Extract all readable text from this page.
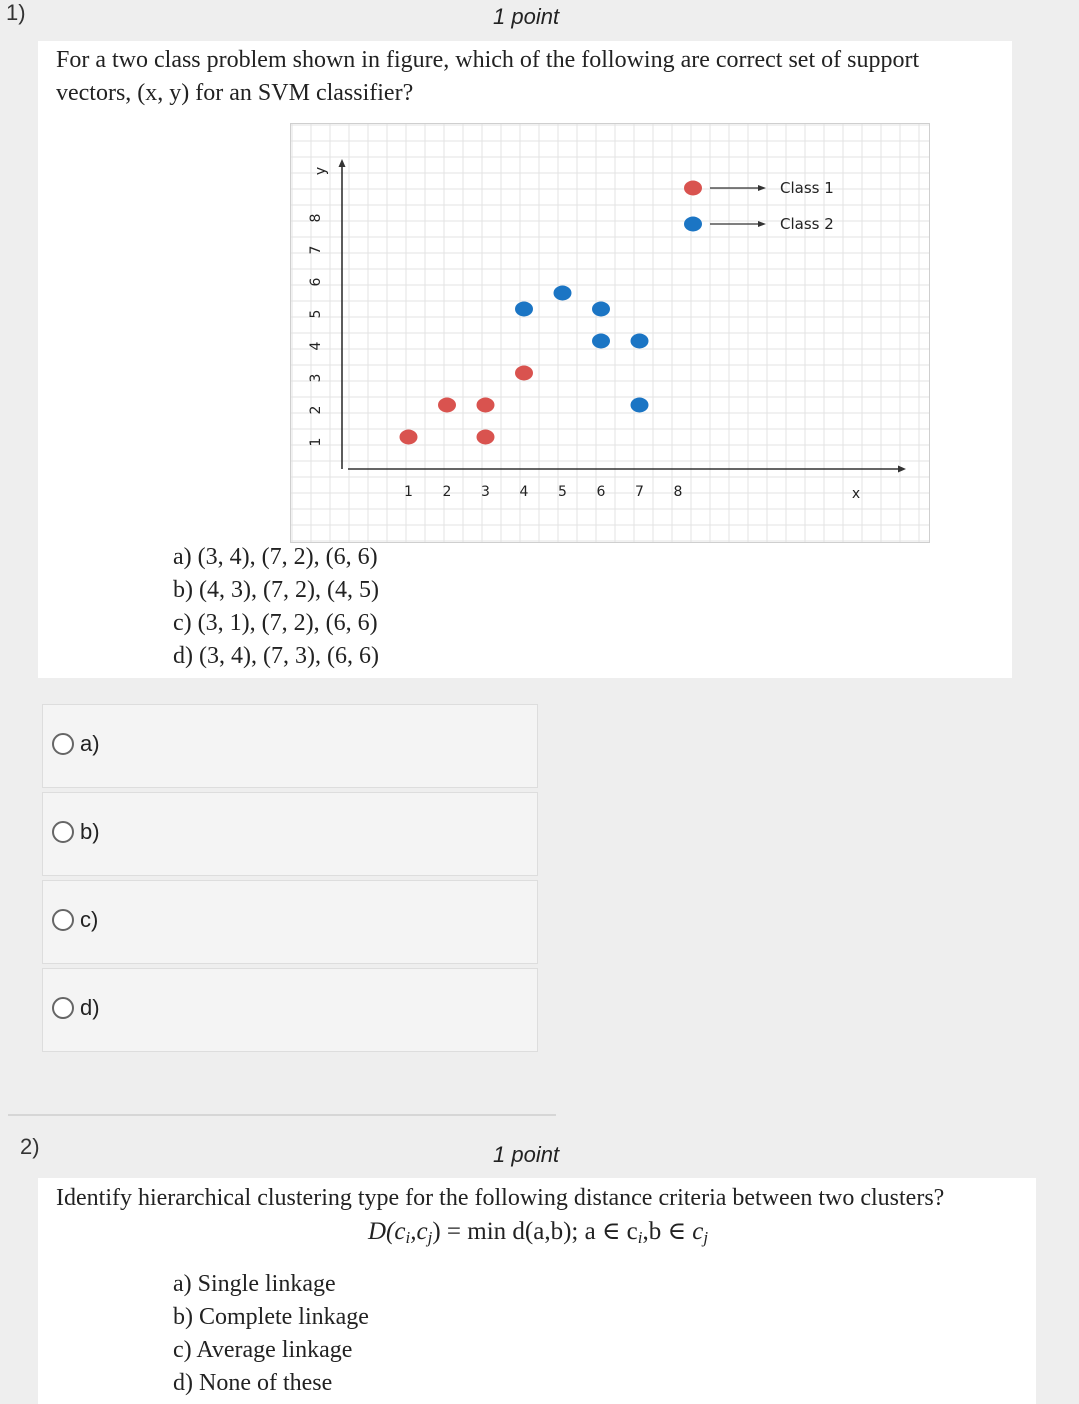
1)	1 point
For a two class problem shown in figure, which of the following are correct set of support
vectors, (x, y) for an SVM classifier?
1 2 3 4 5 6 7 8	x
1
2
3
4
5
6
7
8
y
Class 1
Class 2
a) (3, 4), (7, 2), (6, 6)
b) (4, 3), (7, 2), (4, 5)
c) (3, 1), (7, 2), (6, 6)
d) (3, 4), (7, 3), (6, 6)
a)
b)
c)
d)
2)	1 point
Identify hierarchical clustering type for the following distance criteria between two clusters?
D(ci,cj) = min d(a,b); a ∈ ci,b ∈ cj
a) Single linkage
b) Complete linkage
c) Average linkage
d) None of these
